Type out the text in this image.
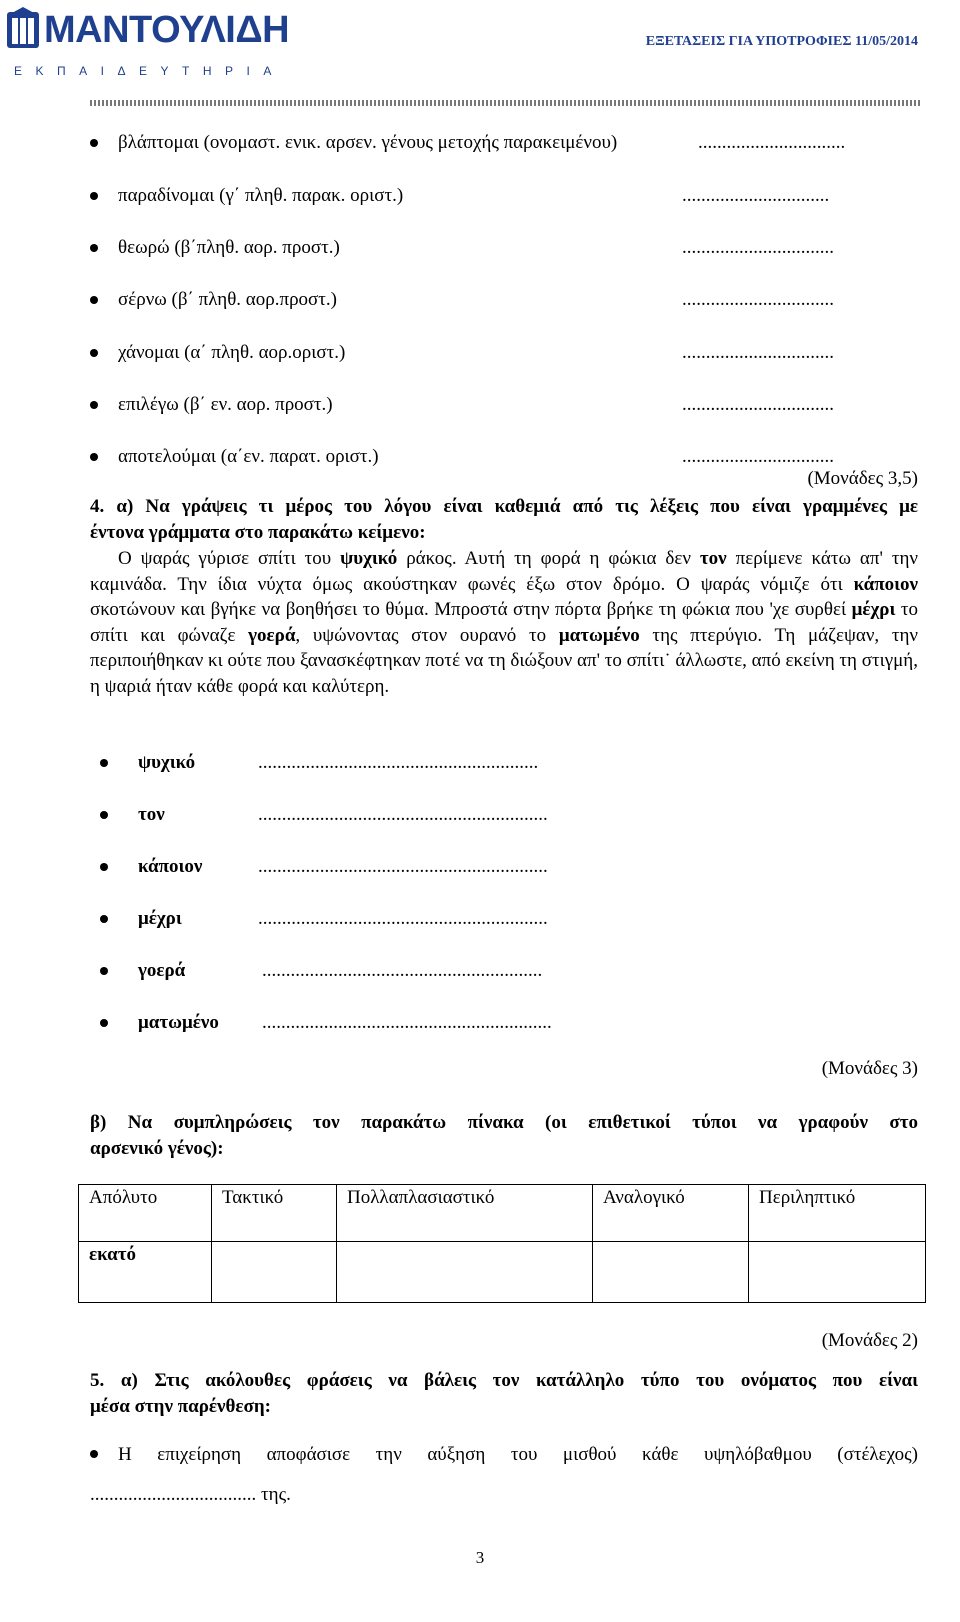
ΜΑΝΤΟΥΛΙΔΗ
ΕΚΠΑΙΔΕΥΤΗΡΙΑ
ΕΞΕΤΑΣΕΙΣ ΓΙΑ ΥΠΟΤΡΟΦΙΕΣ 11/05/2014
βλάπτομαι (ονομαστ. ενικ. αρσεν. γένους μετοχής παρακειμένου)	...............................
παραδίνομαι (γ΄ πληθ. παρακ. οριστ.)	...............................
θεωρώ (β΄πληθ. αορ. προστ.)	................................
σέρνω (β΄ πληθ. αορ.προστ.)	................................
χάνομαι (α΄ πληθ. αορ.οριστ.)	................................
επιλέγω (β΄ εν. αορ. προστ.)	................................
αποτελούμαι (α΄εν. παρατ. οριστ.)	................................
(Μονάδες 3,5)
4. α) Να γράψεις τι μέρος του λόγου είναι καθεμιά από τις λέξεις που είναι γραμμένες με
έντονα γράμματα στο παρακάτω κείμενο:
Ο ψαράς γύρισε σπίτι του ψυχικό ράκος. Αυτή τη φορά η φώκια δεν τον περίμενε κάτω απ' την καμινάδα. Την ίδια νύχτα όμως ακούστηκαν φωνές έξω στον δρόμο. Ο ψαράς νόμιζε ότι κάποιον σκοτώνουν και βγήκε να βοηθήσει το θύμα. Μπροστά στην πόρτα βρήκε τη φώκια που 'χε συρθεί μέχρι το σπίτι και φώναζε γοερά, υψώνοντας στον ουρανό το ματωμένο της πτερύγιο. Τη μάζεψαν, την περιποιήθηκαν κι ούτε που ξανασκέφτηκαν ποτέ να τη διώξουν απ' το σπίτι˙ άλλωστε, από εκείνη τη στιγμή, η ψαριά ήταν κάθε φορά και καλύτερη.
ψυχικό	...........................................................
τον	.............................................................
κάποιον	.............................................................
μέχρι	.............................................................
γοερά	...........................................................
ματωμένο .............................................................
(Μονάδες 3)
β) Να συμπληρώσεις τον παρακάτω πίνακα (οι επιθετικοί τύποι να γραφούν στο
αρσενικό γένος):
Απόλυτο	Τακτικό	Πολλαπλασιαστικό	Αναλογικό	Περιληπτικό
εκατό				
(Μονάδες 2)
5. α) Στις ακόλουθες φράσεις να βάλεις τον κατάλληλο τύπο του ονόματος που είναι
μέσα στην παρένθεση:
Η επιχείρηση αποφάσισε την αύξηση του μισθού κάθε υψηλόβαθμου (στέλεχος)
................................... της.
3
